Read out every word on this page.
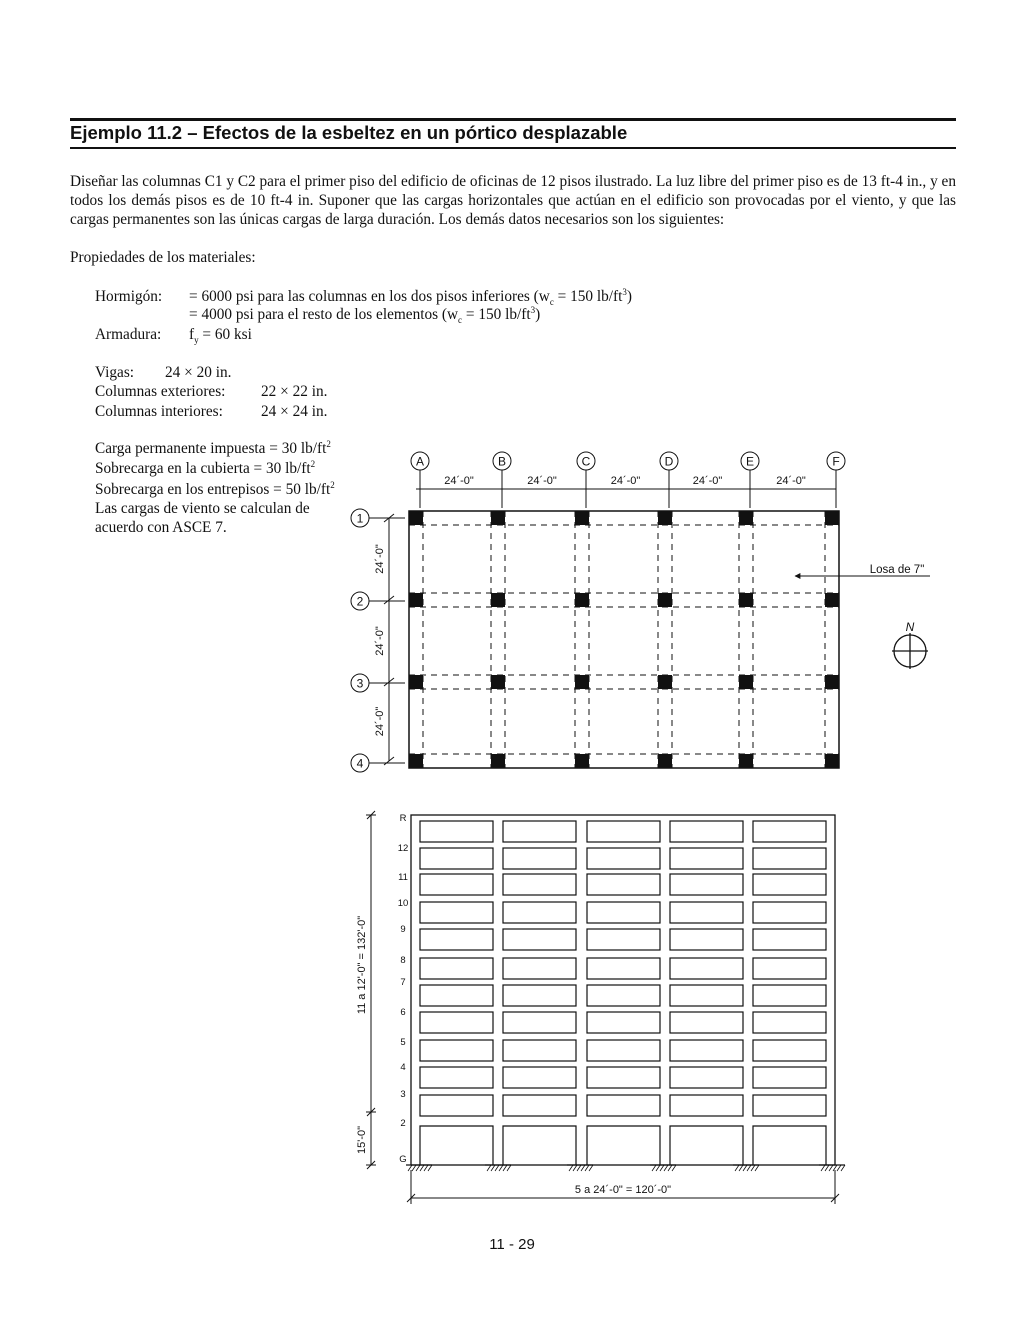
Ejemplo 11.2 – Efectos de la esbeltez en un pórtico desplazable
Diseñar las columnas C1 y C2 para el primer piso del edificio de oficinas de 12 pisos ilustrado. La luz libre del primer piso es de 13 ft-4 in., y en todos los demás pisos es de 10 ft-4 in. Suponer que las cargas horizontales que actúan en el edificio son provocadas por el viento, y que las cargas permanentes son las únicas cargas de larga duración. Los demás datos necesarios son los siguientes:
Propiedades de los materiales:
Hormigón: = 6000 psi para las columnas en los dos pisos inferiores ($w_c = 150$ $lb/ft^3$)
= 4000 psi para el resto de los elementos ($w_c = 150$ $lb/ft^3$)
Armadura: $f_y = 60$ ksi
Vigas: 24 × 20 in.
Columnas exteriores: 22 × 22 in.
Columnas interiores: 24 × 24 in.
Carga permanente impuesta = 30 $lb/ft^2$
Sobrecarga en la cubierta = 30 $lb/ft^2$
Sobrecarga en los entrepisos = 50 $lb/ft^2$
Las cargas de viento se calculan de
acuerdo con ASCE 7.
A	B	C	D	E	F
24´-0"	24´-0"	24´-0"	24´-0"	24´-0"
1
2
3
4
24´-0"
24´-0"
24´-0"
Losa de 7"
N
R
12
11
10
9
8
7
6
5
4
3
2
G
11 a 12'-0" = 132'-0"
15'-0"
5 a 24´-0" = 120´-0"
11 - 29
